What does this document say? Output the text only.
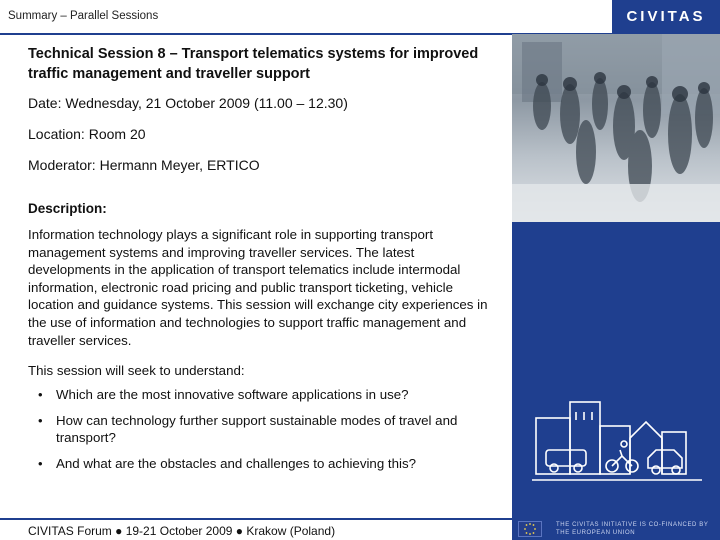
Summary – Parallel Sessions	CIVITAS
THE CIVITAS INITIATIVE IS CO-FINANCED BY THE EUROPEAN UNION
Technical Session 8 – Transport telematics systems for improved traffic management and traveller support
Date: Wednesday, 21 October 2009 (11.00 – 12.30)
Location: Room 20
Moderator: Hermann Meyer, ERTICO
Description:
Information technology plays a significant role in supporting transport management systems and improving traveller services. The latest developments in the application of transport telematics include intermodal information, electronic road pricing and public transport ticketing, vehicle location and guidance systems. This session will exchange city experiences in the use of information and technologies to support traffic management and traveller services.
This session will seek to understand:
• Which are the most innovative software applications in use?
• How can technology further support sustainable modes of travel and transport?
• And what are the obstacles and challenges to achieving this?
CIVITAS Forum ● 19-21 October 2009 ● Krakow (Poland)
